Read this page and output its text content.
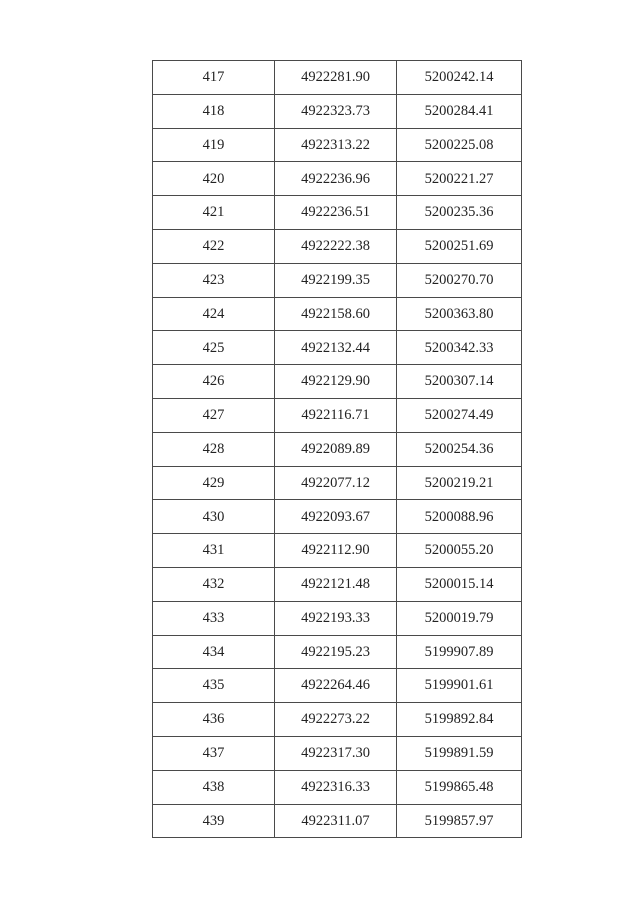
417	4922281.90	5200242.14
418	4922323.73	5200284.41
419	4922313.22	5200225.08
420	4922236.96	5200221.27
421	4922236.51	5200235.36
422	4922222.38	5200251.69
423	4922199.35	5200270.70
424	4922158.60	5200363.80
425	4922132.44	5200342.33
426	4922129.90	5200307.14
427	4922116.71	5200274.49
428	4922089.89	5200254.36
429	4922077.12	5200219.21
430	4922093.67	5200088.96
431	4922112.90	5200055.20
432	4922121.48	5200015.14
433	4922193.33	5200019.79
434	4922195.23	5199907.89
435	4922264.46	5199901.61
436	4922273.22	5199892.84
437	4922317.30	5199891.59
438	4922316.33	5199865.48
439	4922311.07	5199857.97
